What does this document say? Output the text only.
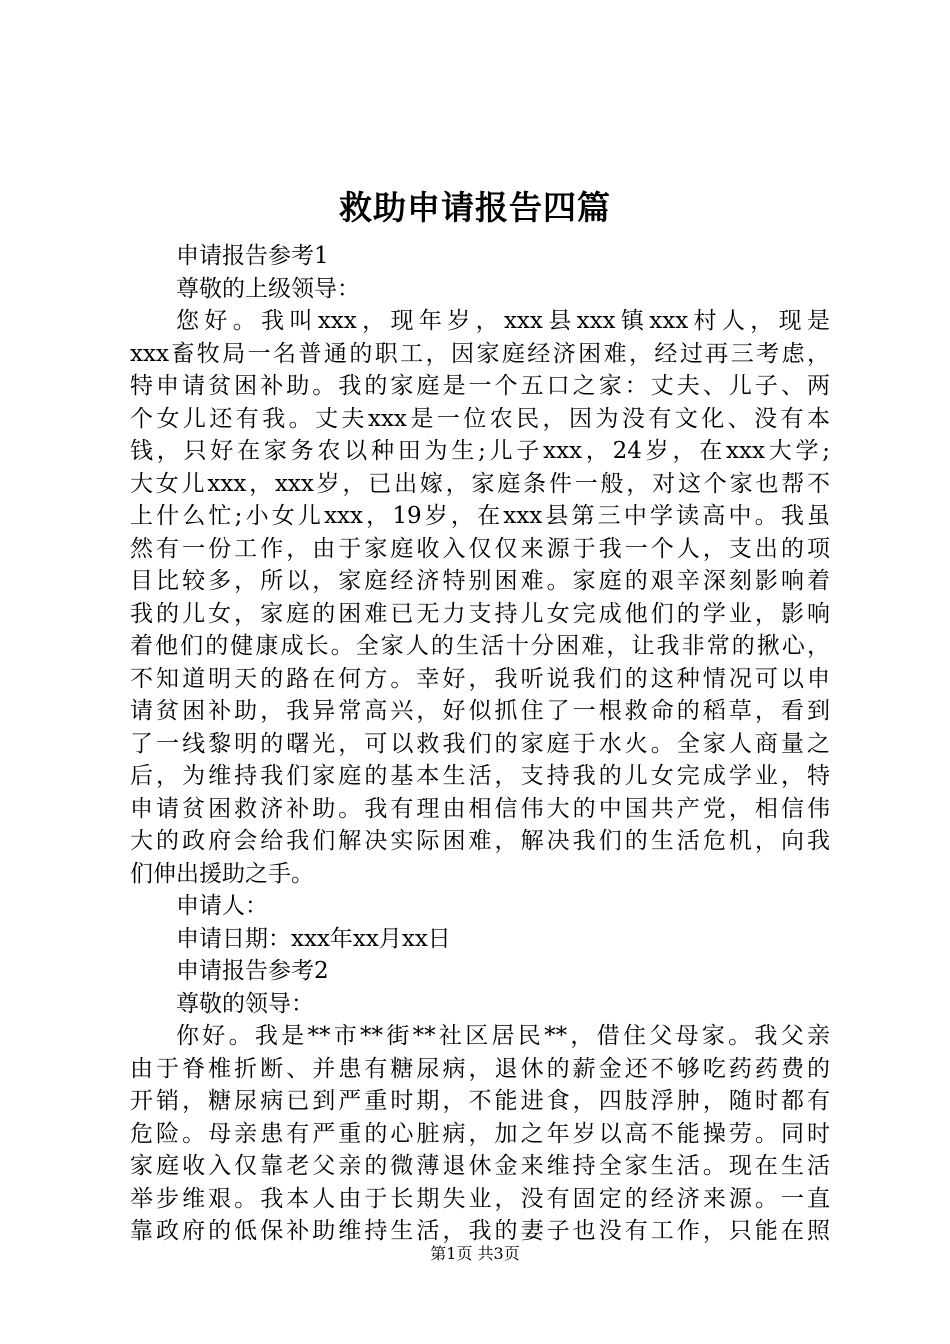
救助申请报告四篇
申请报告参考1
尊敬的上级领导：
您好。我叫xxx，现年岁，xxx县xxx镇xxx村人，现是
xxx畜牧局一名普通的职工，因家庭经济困难，经过再三考虑，
特申请贫困补助。我的家庭是一个五口之家：丈夫、儿子、两
个女儿还有我。丈夫xxx是一位农民，因为没有文化、没有本
钱，只好在家务农以种田为生;儿子xxx，24岁，在xxx大学;
大女儿xxx，xxx岁，已出嫁，家庭条件一般，对这个家也帮不
上什么忙;小女儿xxx，19岁，在xxx县第三中学读高中。我虽
然有一份工作，由于家庭收入仅仅来源于我一个人，支出的项
目比较多，所以，家庭经济特别困难。家庭的艰辛深刻影响着
我的儿女，家庭的困难已无力支持儿女完成他们的学业，影响
着他们的健康成长。全家人的生活十分困难，让我非常的揪心，
不知道明天的路在何方。幸好，我听说我们的这种情况可以申
请贫困补助，我异常高兴，好似抓住了一根救命的稻草，看到
了一线黎明的曙光，可以救我们的家庭于水火。全家人商量之
后，为维持我们家庭的基本生活，支持我的儿女完成学业，特
申请贫困救济补助。我有理由相信伟大的中国共产党，相信伟
大的政府会给我们解决实际困难，解决我们的生活危机，向我
们伸出援助之手。
申请人：
申请日期：xxx年xx月xx日
申请报告参考2
尊敬的领导：
你好。我是**市**街**社区居民**，借住父母家。我父亲
由于脊椎折断、并患有糖尿病，退休的薪金还不够吃药药费的
开销，糖尿病已到严重时期，不能进食，四肢浮肿，随时都有
危险。母亲患有严重的心脏病，加之年岁以高不能操劳。同时
家庭收入仅靠老父亲的微薄退休金来维持全家生活。现在生活
举步维艰。我本人由于长期失业，没有固定的经济来源。一直
靠政府的低保补助维持生活，我的妻子也没有工作，只能在照
第1页 共3页
